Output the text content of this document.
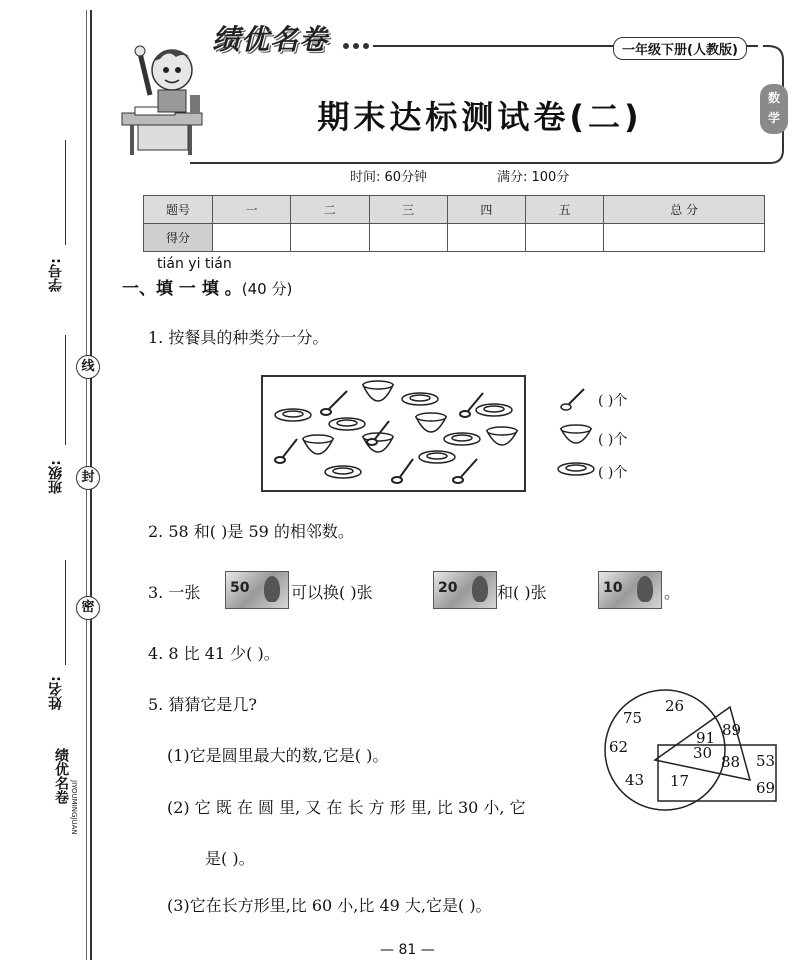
学号:
班级:
姓名:
线
封
密
绩优名卷
JIYOUMINGJUAN
绩优名卷	一年级下册(人教版)
期末达标测试卷(二)	数
学
时间: 60分钟	满分: 100分
题号	一	二	三	四	五	总 分
得分						
tián yi tián
一、填 一 填 。(40 分)
1. 按餐具的种类分一分。
( )个
( )个
( )个
2. 58 和( )是 59 的相邻数。
3. 一张 50	可以换( )张	20 和( )张	10	。
4. 8 比 41 少( )。
5. 猜猜它是几?
(1)它是圆里最大的数,它是( )。
(2) 它 既 在 圆 里, 又 在 长 方 形 里, 比 30 小, 它
是( )。
(3)它在长方形里,比 60 小,比 49 大,它是( )。
26
75
62
43
91
30
89
88
17
53
69
— 81 —
